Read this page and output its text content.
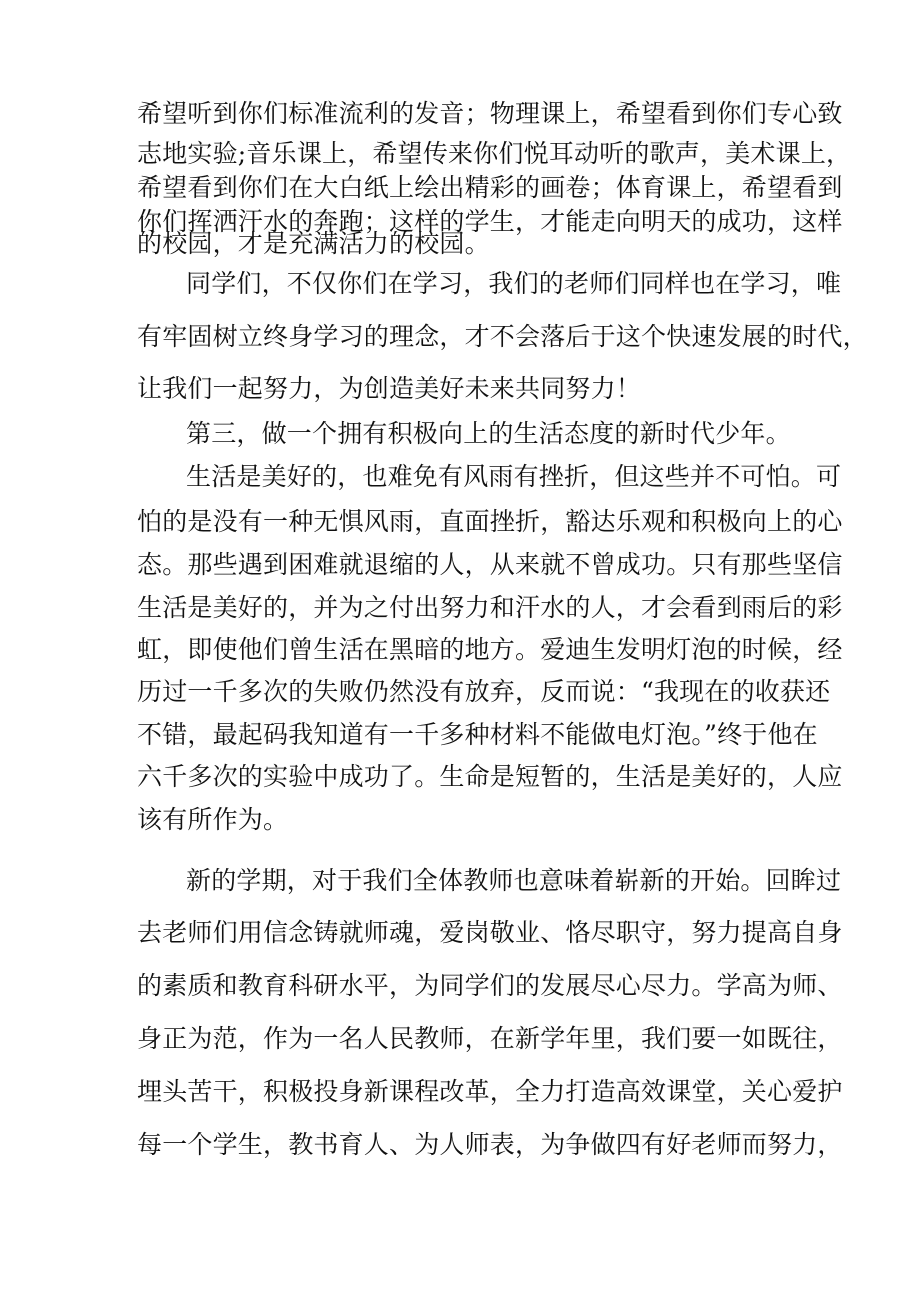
希望听到你们标准流利的发音；物理课上，希望看到你们专心致
志地实验;音乐课上，希望传来你们悦耳动听的歌声，美术课上，
希望看到你们在大白纸上绘出精彩的画卷；体育课上，希望看到
你们挥洒汗水的奔跑；这样的学生，才能走向明天的成功，这样
的校园，才是充满活力的校园。
同学们，不仅你们在学习，我们的老师们同样也在学习，唯
有牢固树立终身学习的理念，才不会落后于这个快速发展的时代，
让我们一起努力，为创造美好未来共同努力！
第三，做一个拥有积极向上的生活态度的新时代少年。
生活是美好的，也难免有风雨有挫折，但这些并不可怕。可
怕的是没有一种无惧风雨，直面挫折，豁达乐观和积极向上的心
态。那些遇到困难就退缩的人，从来就不曾成功。只有那些坚信
生活是美好的，并为之付出努力和汗水的人，才会看到雨后的彩
虹，即使他们曾生活在黑暗的地方。爱迪生发明灯泡的时候，经
历过一千多次的失败仍然没有放弃，反而说：“我现在的收获还
不错，最起码我知道有一千多种材料不能做电灯泡。”终于他在
六千多次的实验中成功了。生命是短暂的，生活是美好的，人应
该有所作为。
新的学期，对于我们全体教师也意味着崭新的开始。回眸过
去老师们用信念铸就师魂，爱岗敬业、恪尽职守，努力提高自身
的素质和教育科研水平，为同学们的发展尽心尽力。学高为师、
身正为范，作为一名人民教师，在新学年里，我们要一如既往，
埋头苦干，积极投身新课程改革，全力打造高效课堂，关心爱护
每一个学生，教书育人、为人师表，为争做四有好老师而努力，
